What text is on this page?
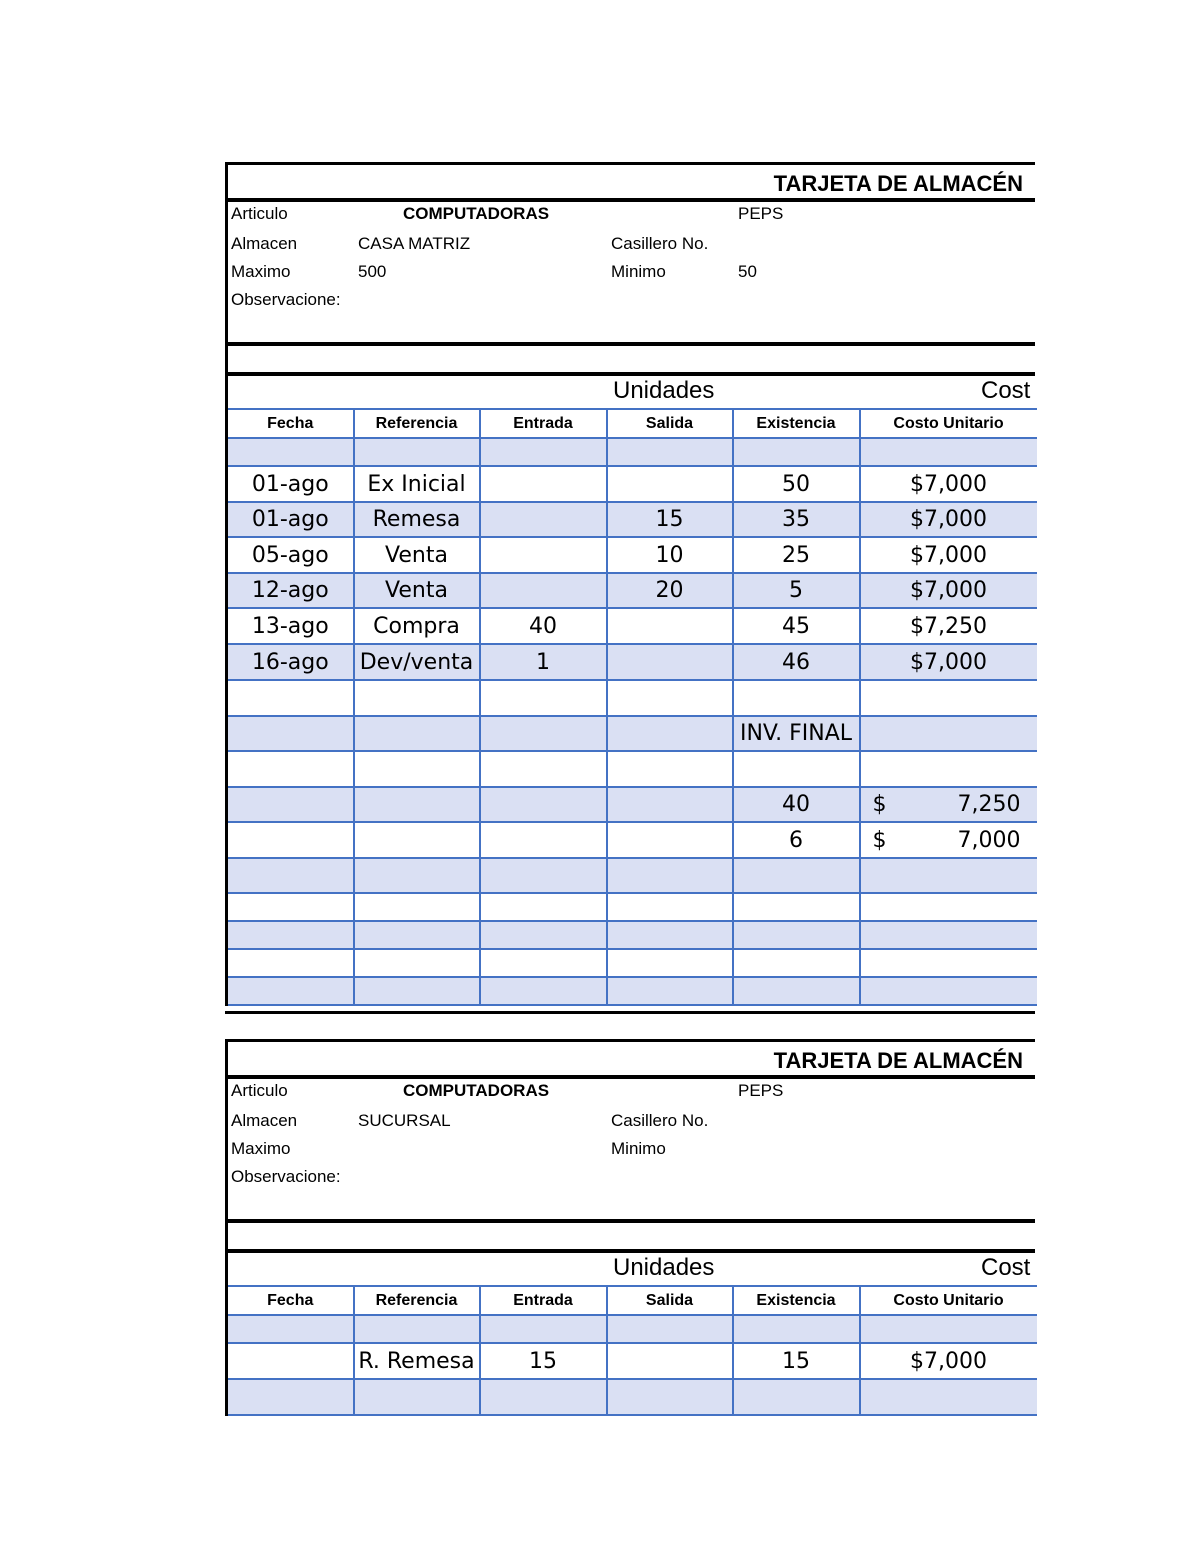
TARJETA DE ALMACÉN
Articulo	COMPUTADORAS	PEPS
Almacen	CASA MATRIZ	Casillero No.
Maximo	500	Minimo	50
Observacione:
Unidades	Cost
Fecha	Referencia	Entrada	Salida	Existencia	Costo Unitario

01-ago	Ex Inicial			50	$7,000
01-ago	Remesa		15	35	$7,000
05-ago	Venta		10	25	$7,000
12-ago	Venta		20	5	$7,000
13-ago	Compra	40		45	$7,250
16-ago	Dev/venta	1		46	$7,000

				INV. FINAL	

				40	$ 7,250

				6	$ 7,000

TARJETA DE ALMACÉN
Articulo	COMPUTADORAS	PEPS
Almacen	SUCURSAL	Casillero No.
Maximo	Minimo
Observacione:
Unidades	Cost
Fecha	Referencia	Entrada	Salida	Existencia	Costo Unitario

	R. Remesa	15		15	$7,000
